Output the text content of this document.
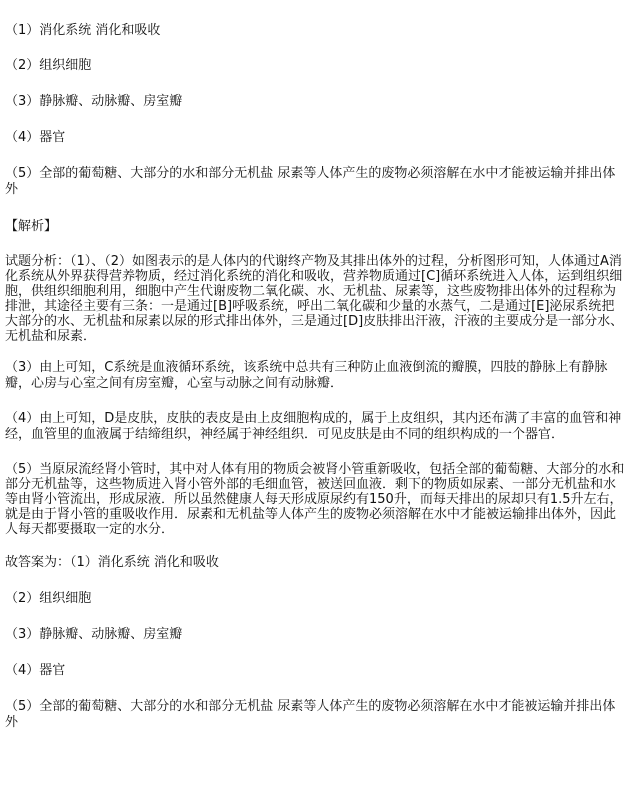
（1）消化系统 消化和吸收
（2）组织细胞
（3）静脉瓣、动脉瓣、房室瓣
（4）器官
（5）全部的葡萄糖、大部分的水和部分无机盐 尿素等人体产生的废物必须溶解在水中才能被运输并排出体外
【解析】
试题分析：（1）、（2）如图表示的是人体内的代谢终产物及其排出体外的过程，分析图形可知，人体通过A消化系统从外界获得营养物质，经过消化系统的消化和吸收，营养物质通过[C]循环系统进入人体，运到组织细胞，供组织细胞利用，细胞中产生代谢废物二氧化碳、水、无机盐、尿素等，这些废物排出体外的过程称为排泄，其途径主要有三条：一是通过[B]呼吸系统，呼出二氧化碳和少量的水蒸气，二是通过[E]泌尿系统把大部分的水、无机盐和尿素以尿的形式排出体外，三是通过[D]皮肤排出汗液，汗液的主要成分是一部分水、无机盐和尿素．
（3）由上可知，C系统是血液循环系统，该系统中总共有三种防止血液倒流的瓣膜，四肢的静脉上有静脉瓣，心房与心室之间有房室瓣，心室与动脉之间有动脉瓣．
（4）由上可知，D是皮肤，皮肤的表皮是由上皮细胞构成的，属于上皮组织，其内还布满了丰富的血管和神经，血管里的血液属于结缔组织，神经属于神经组织．可见皮肤是由不同的组织构成的一个器官．
（5）当原尿流经肾小管时，其中对人体有用的物质会被肾小管重新吸收，包括全部的葡萄糖、大部分的水和部分无机盐等，这些物质进入肾小管外部的毛细血管，被送回血液．剩下的物质如尿素、一部分无机盐和水等由肾小管流出，形成尿液．所以虽然健康人每天形成原尿约有150升，而每天排出的尿却只有1.5升左右，就是由于肾小管的重吸收作用．尿素和无机盐等人体产生的废物必须溶解在水中才能被运输排出体外，因此人每天都要摄取一定的水分．
故答案为：（1）消化系统 消化和吸收
（2）组织细胞
（3）静脉瓣、动脉瓣、房室瓣
（4）器官
（5）全部的葡萄糖、大部分的水和部分无机盐 尿素等人体产生的废物必须溶解在水中才能被运输并排出体外
